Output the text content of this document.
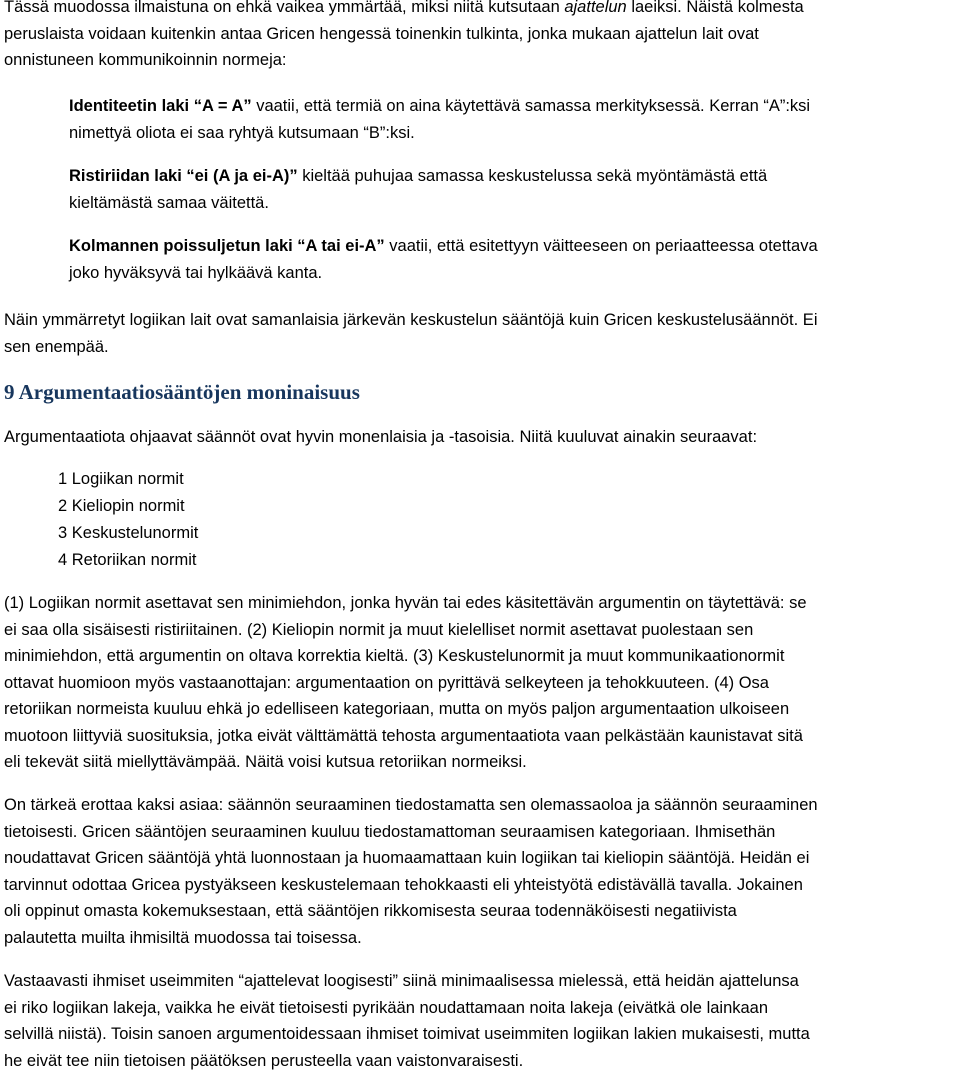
Tässä muodossa ilmaistuna on ehkä vaikea ymmärtää, miksi niitä kutsutaan ajattelun laeiksi. Näistä kolmesta
peruslaista voidaan kuitenkin antaa Gricen hengessä toinenkin tulkinta, jonka mukaan ajattelun lait ovat
onnistuneen kommunikoinnin normeja:
Identiteetin laki “A = A” vaatii, että termiä on aina käytettävä samassa merkityksessä. Kerran “A”:ksi
nimettyä oliota ei saa ryhtyä kutsumaan “B”:ksi.
Ristiriidan laki “ei (A ja ei-A)” kieltää puhujaa samassa keskustelussa sekä myöntämästä että
kieltämästä samaa väitettä.
Kolmannen poissuljetun laki “A tai ei-A” vaatii, että esitettyyn väitteeseen on periaatteessa otettava
joko hyväksyvä tai hylkäävä kanta.
Näin ymmärretyt logiikan lait ovat samanlaisia järkevän keskustelun sääntöjä kuin Gricen keskustelusäännöt. Ei
sen enempää.
9 Argumentaatiosääntöjen moninaisuus

Argumentaatiota ohjaavat säännöt ovat hyvin monenlaisia ja -tasoisia. Niitä kuuluvat ainakin seuraavat:

1 Logiikan normit
2 Kieliopin normit
3 Keskustelunormit
4 Retoriikan normit
(1) Logiikan normit asettavat sen minimiehdon, jonka hyvän tai edes käsitettävän argumentin on täytettävä: se
ei saa olla sisäisesti ristiriitainen. (2) Kieliopin normit ja muut kielelliset normit asettavat puolestaan sen
minimiehdon, että argumentin on oltava korrektia kieltä. (3) Keskustelunormit ja muut kommunikaationormit
ottavat huomioon myös vastaanottajan: argumentaation on pyrittävä selkeyteen ja tehokkuuteen. (4) Osa
retoriikan normeista kuuluu ehkä jo edelliseen kategoriaan, mutta on myös paljon argumentaation ulkoiseen
muotoon liittyviä suosituksia, jotka eivät välttämättä tehosta argumentaatiota vaan pelkästään kaunistavat sitä
eli tekevät siitä miellyttävämpää. Näitä voisi kutsua retoriikan normeiksi.
On tärkeä erottaa kaksi asiaa: säännön seuraaminen tiedostamatta sen olemassaoloa ja säännön seuraaminen
tietoisesti. Gricen sääntöjen seuraaminen kuuluu tiedostamattoman seuraamisen kategoriaan. Ihmisethän
noudattavat Gricen sääntöjä yhtä luonnostaan ja huomaamattaan kuin logiikan tai kieliopin sääntöjä. Heidän ei
tarvinnut odottaa Gricea pystyäkseen keskustelemaan tehokkaasti eli yhteistyötä edistävällä tavalla. Jokainen
oli oppinut omasta kokemuksestaan, että sääntöjen rikkomisesta seuraa todennäköisesti negatiivista
palautetta muilta ihmisiltä muodossa tai toisessa.
Vastaavasti ihmiset useimmiten “ajattelevat loogisesti” siinä minimaalisessa mielessä, että heidän ajattelunsa
ei riko logiikan lakeja, vaikka he eivät tietoisesti pyrikään noudattamaan noita lakeja (eivätkä ole lainkaan
selvillä niistä). Toisin sanoen argumentoidessaan ihmiset toimivat useimmiten logiikan lakien mukaisesti, mutta
he eivät tee niin tietoisen päätöksen perusteella vaan vaistonvaraisesti.
